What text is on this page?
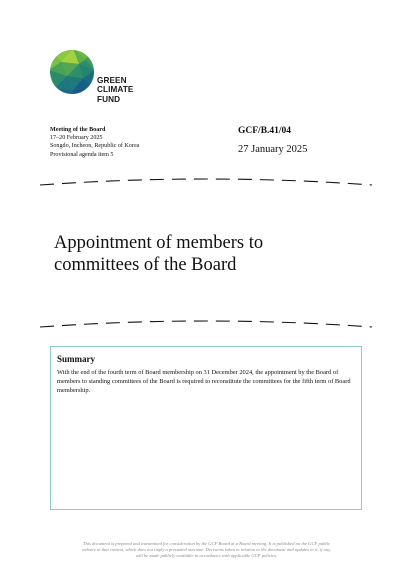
GREEN
CLIMATE
FUND
Meeting of the Board
17–20 February 2025
Songdo, Incheon, Republic of Korea
Provisional agenda item 5
GCF/B.41/04
27 January 2025
Appointment of members to
committees of the Board
Summary
With the end of the fourth term of Board membership on 31 December 2024, the appointment by the Board of members to standing committees of the Board is required to reconstitute the committees for the fifth term of Board membership.
This document is prepared and transmitted for consideration by the GCF Board at a Board meeting. It is published on the GCF public
website in that context, which does not imply a presumed outcome. Decisions taken in relation to the document and updates to it, if any,
will be made publicly available in accordance with applicable GCF policies.
